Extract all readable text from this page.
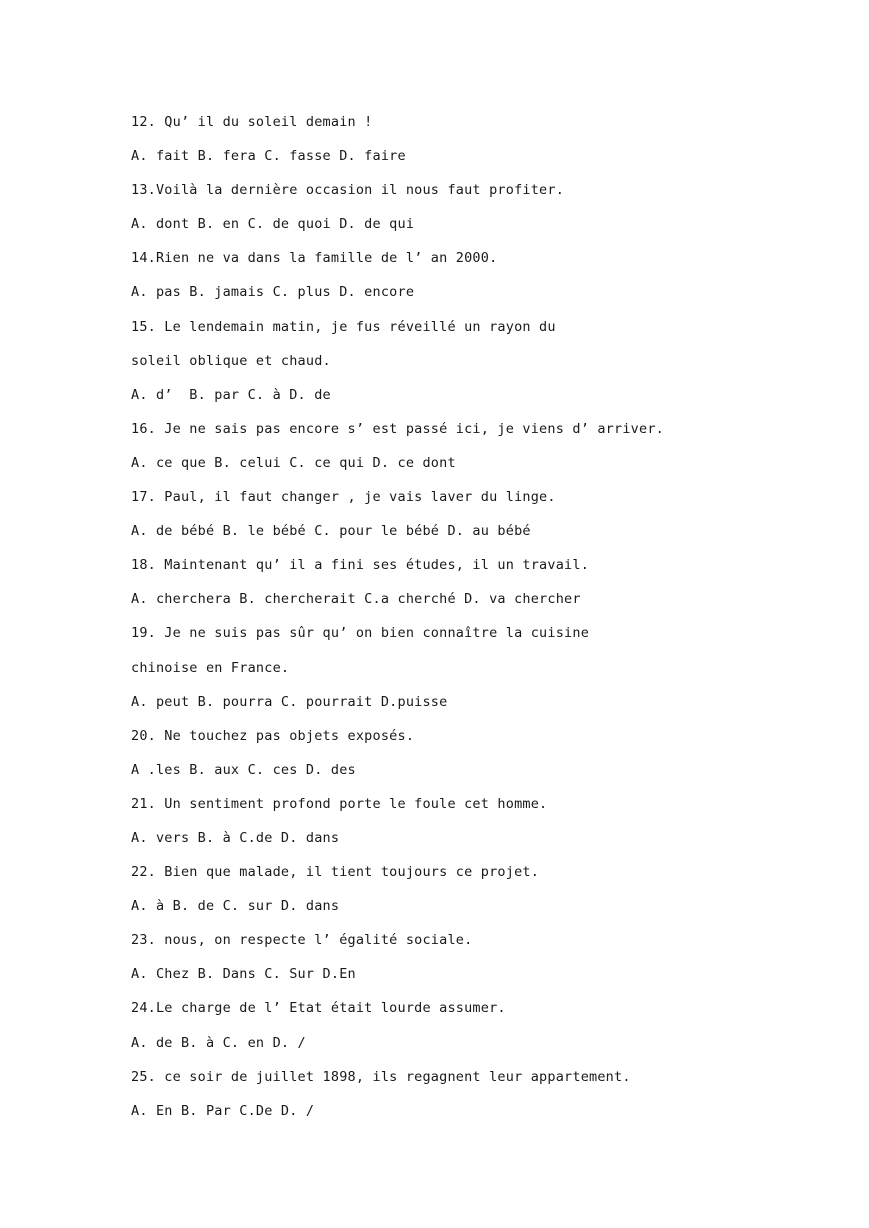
12. Qu’ il du soleil demain !
A. fait B. fera C. fasse D. faire
13.Voilà la dernière occasion il nous faut profiter.
A. dont B. en C. de quoi D. de qui
14.Rien ne va dans la famille de l’ an 2000.
A. pas B. jamais C. plus D. encore
15. Le lendemain matin, je fus réveillé un rayon du
soleil oblique et chaud.
A. d’  B. par C. à D. de
16. Je ne sais pas encore s’ est passé ici, je viens d’ arriver.
A. ce que B. celui C. ce qui D. ce dont
17. Paul, il faut changer , je vais laver du linge.
A. de bébé B. le bébé C. pour le bébé D. au bébé
18. Maintenant qu’ il a fini ses études, il un travail.
A. cherchera B. chercherait C.a cherché D. va chercher
19. Je ne suis pas sûr qu’ on bien connaître la cuisine
chinoise en France.
A. peut B. pourra C. pourrait D.puisse
20. Ne touchez pas objets exposés.
A .les B. aux C. ces D. des
21. Un sentiment profond porte le foule cet homme.
A. vers B. à C.de D. dans
22. Bien que malade, il tient toujours ce projet.
A. à B. de C. sur D. dans
23. nous, on respecte l’ égalité sociale.
A. Chez B. Dans C. Sur D.En
24.Le charge de l’ Etat était lourde assumer.
A. de B. à C. en D. /
25. ce soir de juillet 1898, ils regagnent leur appartement.
A. En B. Par C.De D. /
